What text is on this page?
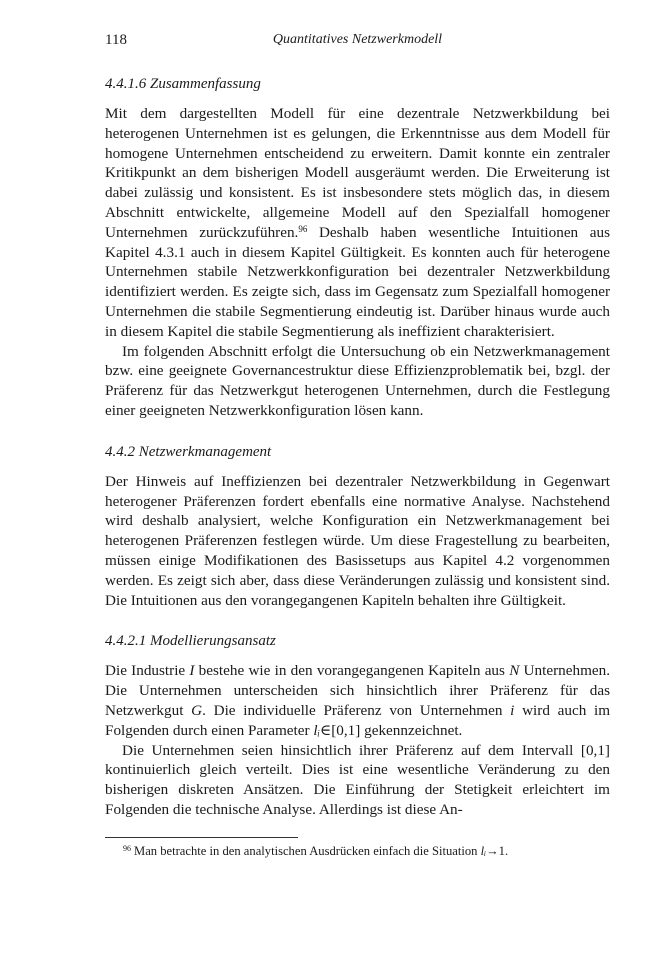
118	Quantitatives Netzwerkmodell
4.4.1.6 Zusammenfassung

Mit dem dargestellten Modell für eine dezentrale Netzwerkbildung bei heterogenen Unternehmen ist es gelungen, die Erkenntnisse aus dem Modell für homogene Unternehmen entscheidend zu erweitern. Damit konnte ein zentraler Kritikpunkt an dem bisherigen Modell ausgeräumt werden. Die Erweiterung ist dabei zulässig und konsistent. Es ist insbesondere stets möglich das, in diesem Abschnitt entwickelte, allgemeine Modell auf den Spezialfall homogener Unternehmen zurückzuführen.$^{96}$ Deshalb haben wesentliche Intuitionen aus Kapitel 4.3.1 auch in diesem Kapitel Gültigkeit. Es konnten auch für heterogene Unternehmen stabile Netzwerkkonfiguration bei dezentraler Netzwerkbildung identifiziert werden. Es zeigte sich, dass im Gegensatz zum Spezialfall homogener Unternehmen die stabile Segmentierung eindeutig ist. Darüber hinaus wurde auch in diesem Kapitel die stabile Segmentierung als ineffizient charakterisiert.

Im folgenden Abschnitt erfolgt die Untersuchung ob ein Netzwerkmanagement bzw. eine geeignete Governancestruktur diese Effizienzproblematik bei, bzgl. der Präferenz für das Netzwerkgut heterogenen Unternehmen, durch die Festlegung einer geeigneten Netzwerkkonfiguration lösen kann.

4.4.2 Netzwerkmanagement

Der Hinweis auf Ineffizienzen bei dezentraler Netzwerkbildung in Gegenwart heterogener Präferenzen fordert ebenfalls eine normative Analyse. Nachstehend wird deshalb analysiert, welche Konfiguration ein Netzwerkmanagement bei heterogenen Präferenzen festlegen würde. Um diese Fragestellung zu bearbeiten, müssen einige Modifikationen des Basissetups aus Kapitel 4.2 vorgenommen werden. Es zeigt sich aber, dass diese Veränderungen zulässig und konsistent sind. Die Intuitionen aus den vorangegangenen Kapiteln behalten ihre Gültigkeit.

4.4.2.1 Modellierungsansatz

Die Industrie I bestehe wie in den vorangegangenen Kapiteln aus N Unternehmen. Die Unternehmen unterscheiden sich hinsichtlich ihrer Präferenz für das Netzwerkgut G. Die individuelle Präferenz von Unternehmen i wird auch im Folgenden durch einen Parameter lᵢ∈[0,1] gekennzeichnet.

Die Unternehmen seien hinsichtlich ihrer Präferenz auf dem Intervall [0,1] kontinuierlich gleich verteilt. Dies ist eine wesentliche Veränderung zu den bisherigen diskreten Ansätzen. Die Einführung der Stetigkeit erleichtert im Folgenden die technische Analyse. Allerdings ist diese An-

$^{96}$ Man betrachte in den analytischen Ausdrücken einfach die Situation lᵢ→1.
